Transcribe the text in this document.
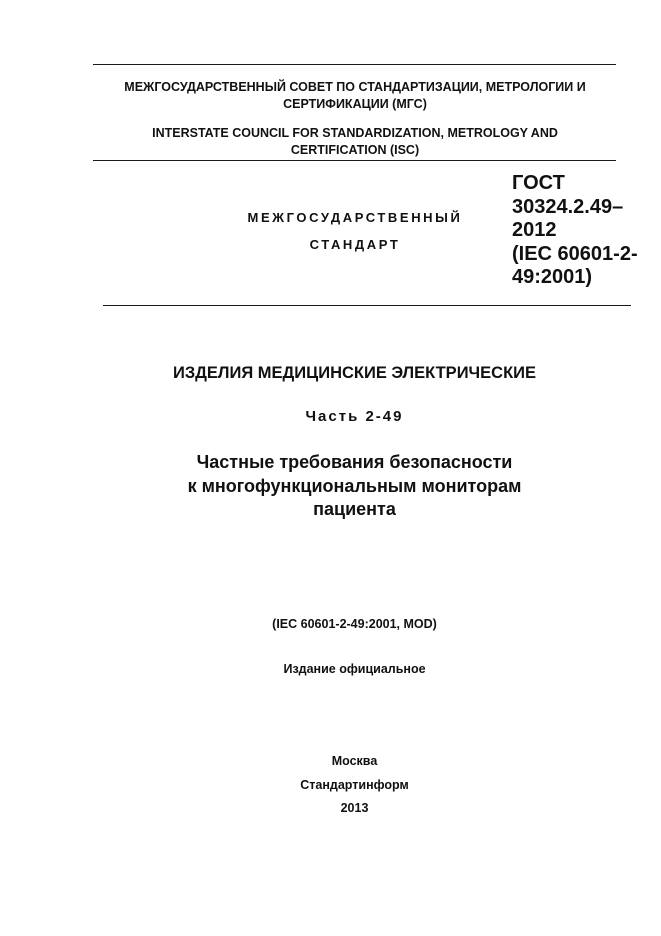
МЕЖГОСУДАРСТВЕННЫЙ СОВЕТ ПО СТАНДАРТИЗАЦИИ, МЕТРОЛОГИИ И
СЕРТИФИКАЦИИ (МГС)
INTERSTATE COUNCIL FOR STANDARDIZATION, METROLOGY AND
CERTIFICATION (ISC)
МЕЖГОСУДАРСТВЕННЫЙ
СТАНДАРТ
ГОСТ
30324.2.49–
2012
(IEC 60601-2-
49:2001)
ИЗДЕЛИЯ МЕДИЦИНСКИЕ ЭЛЕКТРИЧЕСКИЕ
Часть 2-49
Частные требования безопасности
к многофункциональным мониторам
пациента
(IEC 60601-2-49:2001, MOD)
Издание официальное
Москва
Стандартинформ
2013
